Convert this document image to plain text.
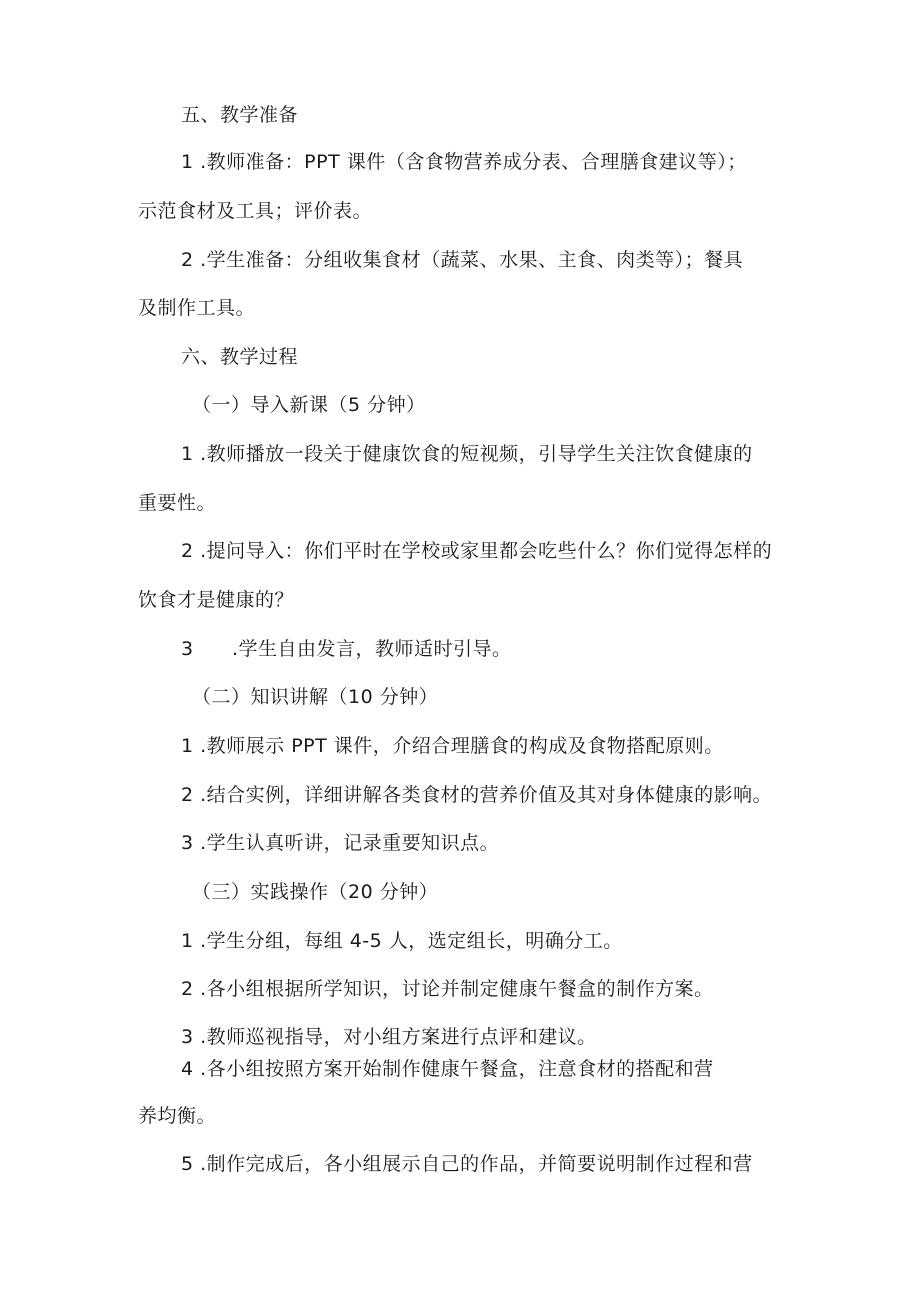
五、教学准备
1 .教师准备：PPT 课件（含食物营养成分表、合理膳食建议等）；
示范食材及工具；评价表。
2 .学生准备：分组收集食材（蔬菜、水果、主食、肉类等）；餐具
及制作工具。
六、教学过程
（一）导入新课（5 分钟）
1 .教师播放一段关于健康饮食的短视频，引导学生关注饮食健康的
重要性。
2 .提问导入：你们平时在学校或家里都会吃些什么？你们觉得怎样的
饮食才是健康的？
3 .学生自由发言，教师适时引导。
（二）知识讲解（10 分钟）
1 .教师展示 PPT 课件，介绍合理膳食的构成及食物搭配原则。
2 .结合实例，详细讲解各类食材的营养价值及其对身体健康的影响。
3 .学生认真听讲，记录重要知识点。
（三）实践操作（20 分钟）
1 .学生分组，每组 4-5 人，选定组长，明确分工。
2 .各小组根据所学知识，讨论并制定健康午餐盒的制作方案。
3 .教师巡视指导，对小组方案进行点评和建议。
4 .各小组按照方案开始制作健康午餐盒，注意食材的搭配和营
养均衡。
5 .制作完成后，各小组展示自己的作品，并简要说明制作过程和营
